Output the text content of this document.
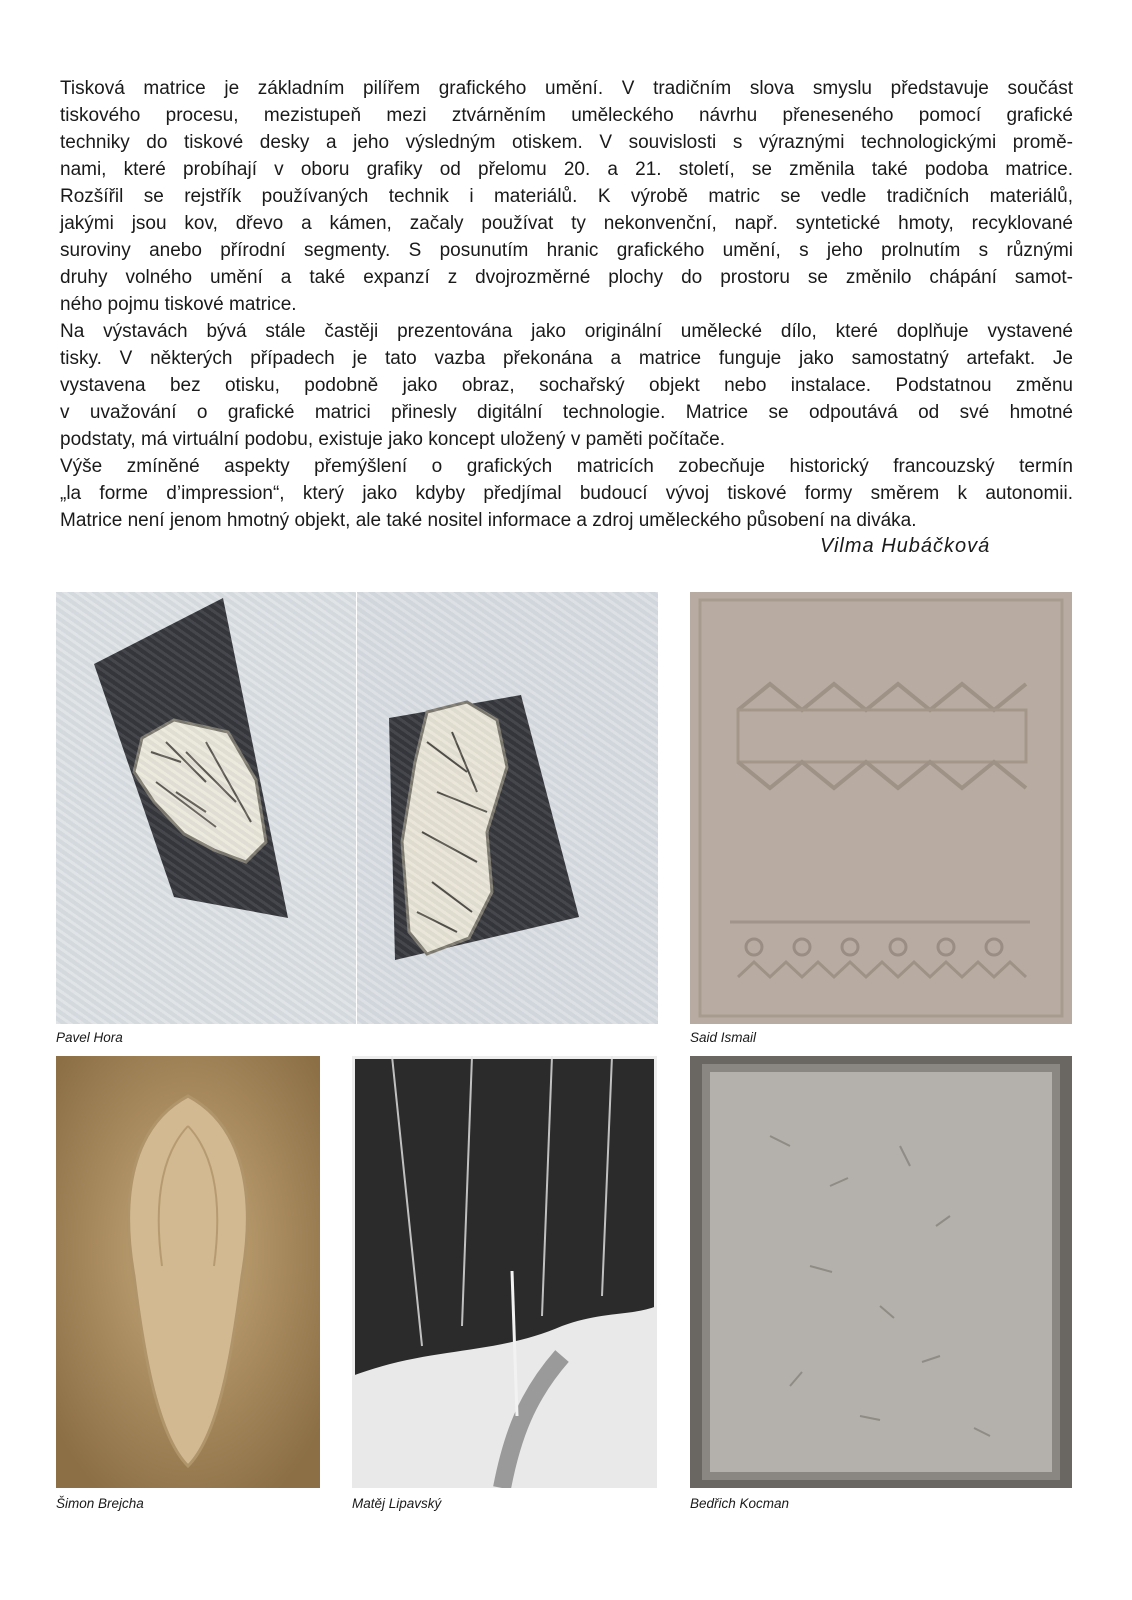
Tisková matrice je základním pilířem grafického umění. V tradičním slova smyslu představuje součást
tiskového procesu, mezistupeň mezi ztvárněním uměleckého návrhu přeneseného pomocí grafické
techniky do tiskové desky a jeho výsledným otiskem. V souvislosti s výraznými technologickými promě-
nami, které probíhají v oboru grafiky od přelomu 20. a 21. století, se změnila také podoba matrice.
Rozšířil se rejstřík používaných technik i materiálů. K výrobě matric se vedle tradičních materiálů,
jakými jsou kov, dřevo a kámen, začaly používat ty nekonvenční, např. syntetické hmoty, recyklované
suroviny anebo přírodní segmenty. S posunutím hranic grafického umění, s jeho prolnutím s různými
druhy volného umění a také expanzí z dvojrozměrné plochy do prostoru se změnilo chápání samot-
ného pojmu tiskové matrice.
Na výstavách bývá stále častěji prezentována jako originální umělecké dílo, které doplňuje vystavené
tisky. V některých případech je tato vazba překonána a matrice funguje jako samostatný artefakt. Je
vystavena bez otisku, podobně jako obraz, sochařský objekt nebo instalace. Podstatnou změnu
v uvažování o grafické matrici přinesly digitální technologie. Matrice se odpoutává od své hmotné
podstaty, má virtuální podobu, existuje jako koncept uložený v paměti počítače.
Výše zmíněné aspekty přemýšlení o grafických matricích zobecňuje historický francouzský termín
„la forme d’impression“, který jako kdyby předjímal budoucí vývoj tiskové formy směrem k autonomii.
Matrice není jenom hmotný objekt, ale také nositel informace a zdroj uměleckého působení na diváka.
Vilma Hubáčková
Pavel Hora	Said Ismail
Šimon Brejcha	Matěj Lipavský	Bedřich Kocman
